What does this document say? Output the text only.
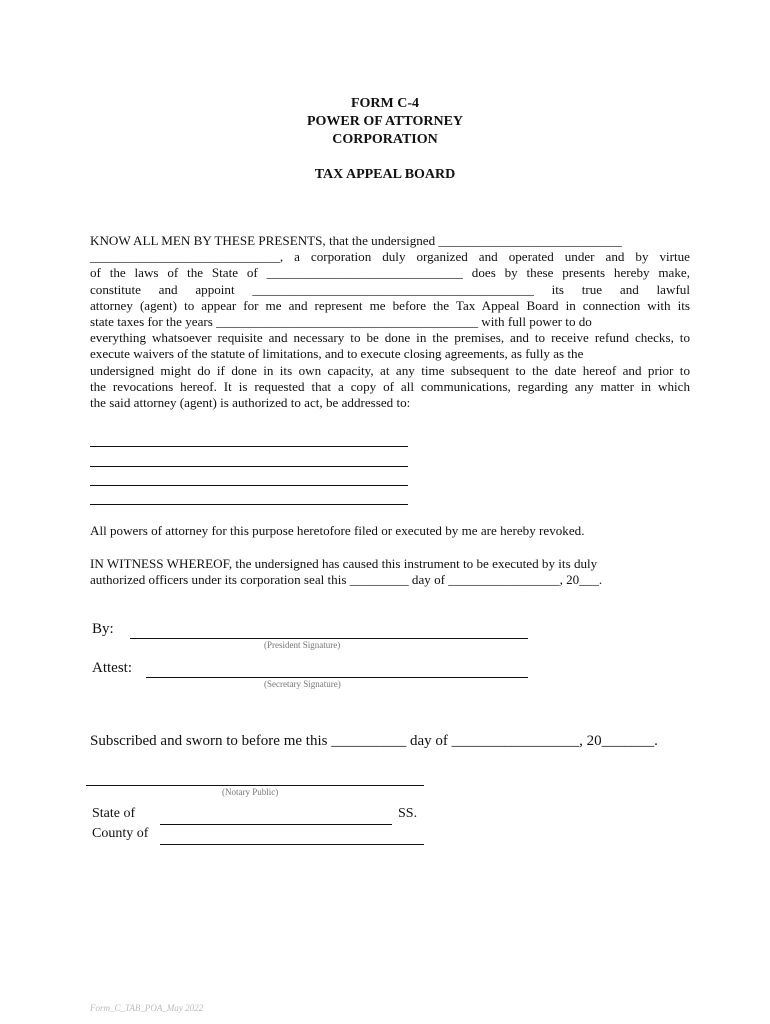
FORM C-4
POWER OF ATTORNEY
CORPORATION
TAX APPEAL BOARD
KNOW ALL MEN BY THESE PRESENTS, that the undersigned ____________________________
_____________________________, a corporation duly organized and operated under and by virtue
of the laws of the State of ______________________________ does by these presents hereby make,
constitute and appoint ___________________________________________ its true and lawful
attorney (agent) to appear for me and represent me before the Tax Appeal Board in connection with its
state taxes for the years ________________________________________ with full power to do
everything whatsoever requisite and necessary to be done in the premises, and to receive refund checks, to
execute waivers of the statute of limitations, and to execute closing agreements, as fully as the
undersigned might do if done in its own capacity, at any time subsequent to the date hereof and prior to
the revocations hereof. It is requested that a copy of all communications, regarding any matter in which
the said attorney (agent) is authorized to act, be addressed to:
All powers of attorney for this purpose heretofore filed or executed by me are hereby revoked.
IN WITNESS WHEREOF, the undersigned has caused this instrument to be executed by its duly
authorized officers under its corporation seal this _________ day of _________________, 20___.
By:
(President Signature)
Attest:
(Secretary Signature)
Subscribed and sworn to before me this __________ day of _________________, 20_______.
(Notary Public)
State of	SS.
County of
Form_C_TAB_POA_May 2022
